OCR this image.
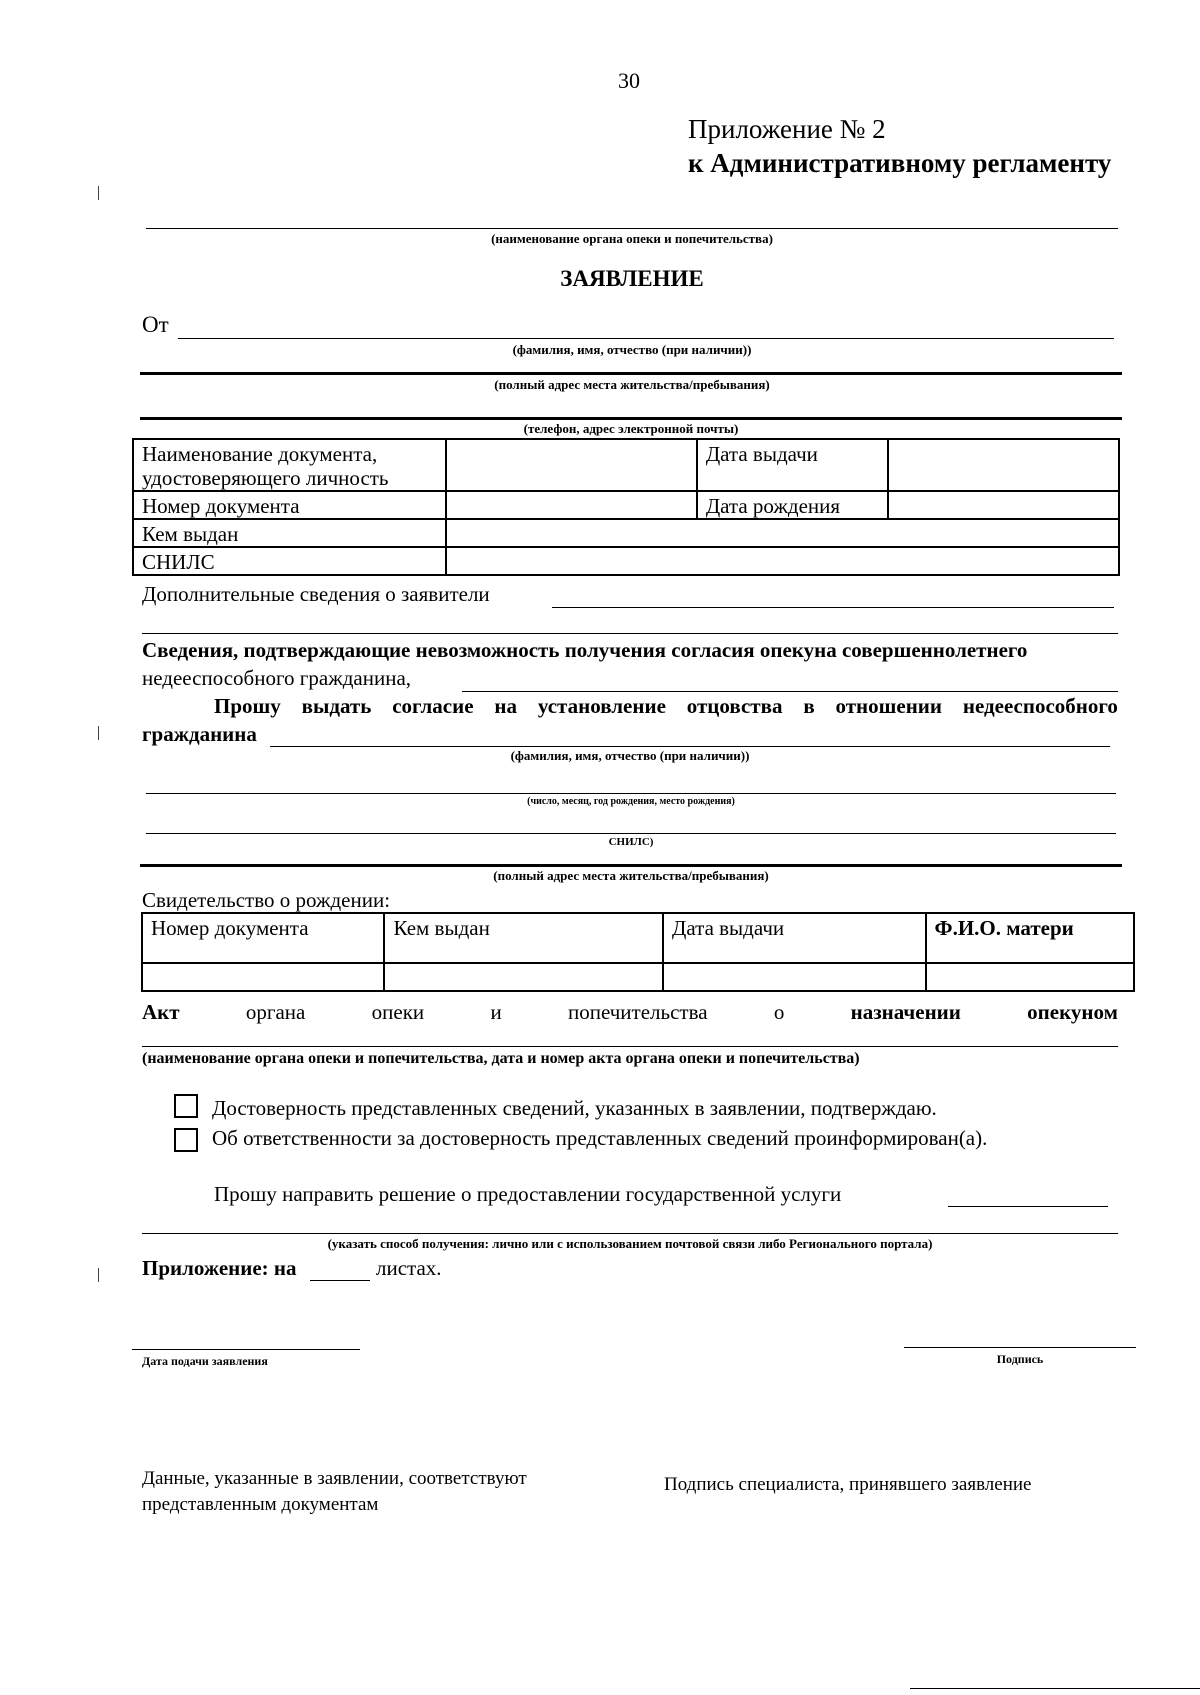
30
Приложение № 2
к Административному регламенту
(наименование органа опеки и попечительства)
ЗАЯВЛЕНИЕ
От
(фамилия, имя, отчество (при наличии))
(полный адрес места жительства/пребывания)
(телефон, адрес электронной почты)
Наименование документа,
удостоверяющего личность		Дата выдачи	
Номер документа		Дата рождения	
Кем выдан			
СНИЛС			
Дополнительные сведения о заявители
Сведения, подтверждающие невозможность получения согласия опекуна совершеннолетнего
недееспособного гражданина,
Прошу выдать согласие на установление отцовства в отношении недееспособного
гражданина
(фамилия, имя, отчество (при наличии))
(число, месяц, год рождения, место рождения)
СНИЛС)
(полный адрес места жительства/пребывания)
Свидетельство о рождении:
Номер документа	Кем выдан	Дата выдачи	Ф.И.О. матери

Акт	органа	опеки	и	попечительства	о	назначении	опекуном
(наименование органа опеки и попечительства, дата и номер акта органа опеки и попечительства)
Достоверность представленных сведений, указанных в заявлении, подтверждаю.
Об ответственности за достоверность представленных сведений проинформирован(а).
Прошу направить решение о предоставлении государственной услуги
(указать способ получения: лично или с использованием почтовой связи либо Регионального портала)
Приложение: на	листах.
Дата подачи заявления	Подпись
Данные, указанные в заявлении, соответствуют
представленным документам
Подпись специалиста, принявшего заявление
